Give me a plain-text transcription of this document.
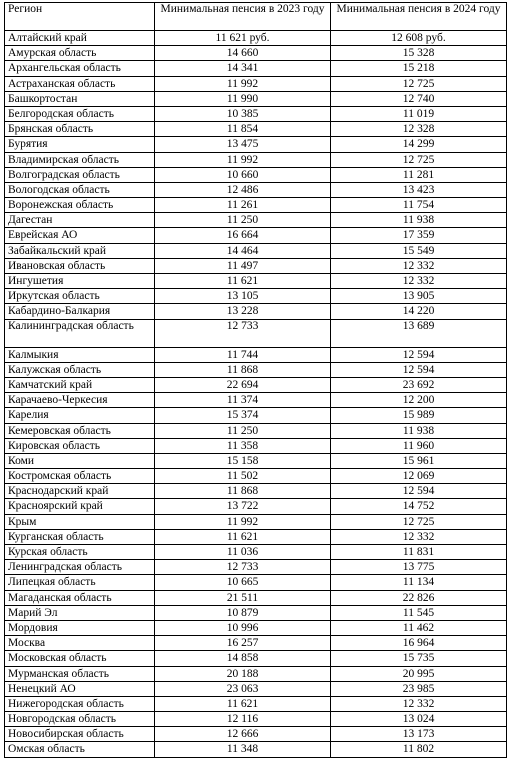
Регион	Минимальная пенсия в 2023 году	Минимальная пенсия в 2024 году
Алтайский край	11 621 руб.	12 608 руб.
Амурская область	14 660	15 328
Архангельская область	14 341	15 218
Астраханская область	11 992	12 725
Башкортостан	11 990	12 740
Белгородская область	10 385	11 019
Брянская область	11 854	12 328
Бурятия	13 475	14 299
Владимирская область	11 992	12 725
Волгоградская область	10 660	11 281
Вологодская область	12 486	13 423
Воронежская область	11 261	11 754
Дагестан	11 250	11 938
Еврейская АО	16 664	17 359
Забайкальский край	14 464	15 549
Ивановская область	11 497	12 332
Ингушетия	11 621	12 332
Иркутская область	13 105	13 905
Кабардино-Балкария	13 228	14 220
Калининградская область	12 733	13 689
Калмыкия	11 744	12 594
Калужская область	11 868	12 594
Камчатский край	22 694	23 692
Карачаево-Черкесия	11 374	12 200
Карелия	15 374	15 989
Кемеровская область	11 250	11 938
Кировская область	11 358	11 960
Коми	15 158	15 961
Костромская область	11 502	12 069
Краснодарский край	11 868	12 594
Красноярский край	13 722	14 752
Крым	11 992	12 725
Курганская область	11 621	12 332
Курская область	11 036	11 831
Ленинградская область	12 733	13 775
Липецкая область	10 665	11 134
Магаданская область	21 511	22 826
Марий Эл	10 879	11 545
Мордовия	10 996	11 462
Москва	16 257	16 964
Московская область	14 858	15 735
Мурманская область	20 188	20 995
Ненецкий АО	23 063	23 985
Нижегородская область	11 621	12 332
Новгородская область	12 116	13 024
Новосибирская область	12 666	13 173
Омская область	11 348	11 802
